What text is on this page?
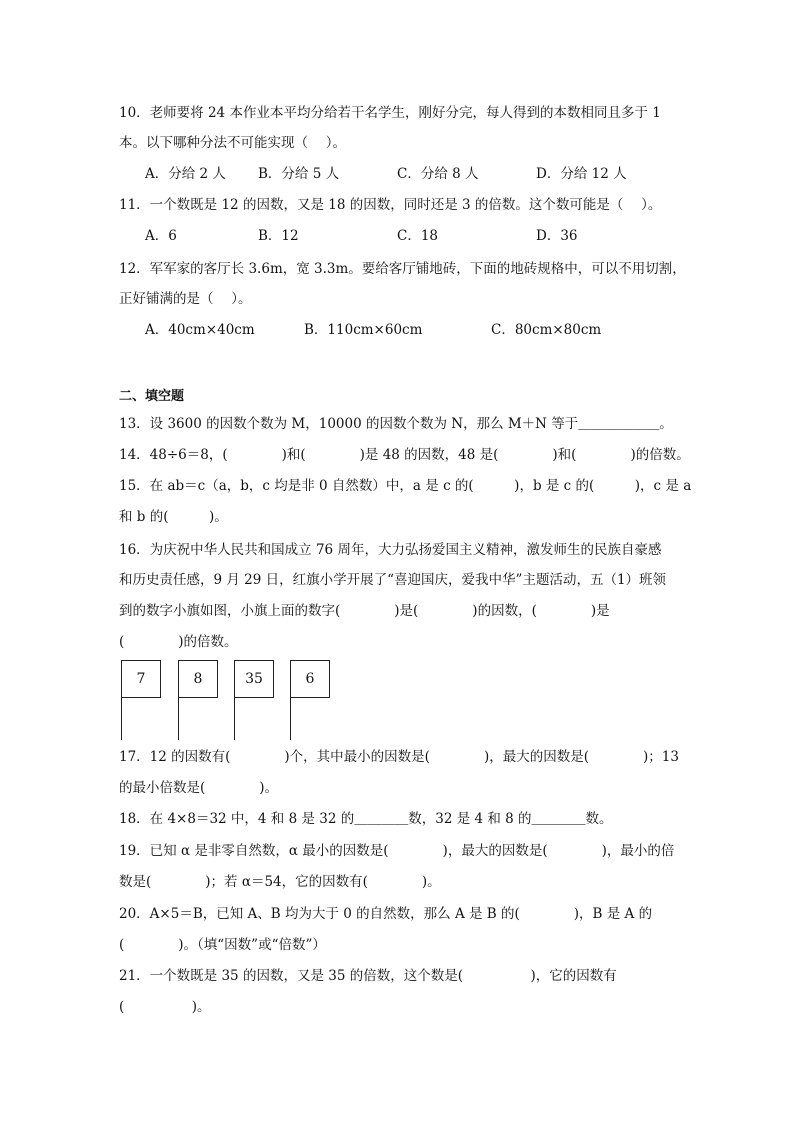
10．老师要将 24 本作业本平均分给若干名学生，刚好分完，每人得到的本数相同且多于 1
本。以下哪种分法不可能实现（　 ）。
A．分给 2 人 B．分给 5 人	C．分给 8 人	D．分给 12 人
11．一个数既是 12 的因数，又是 18 的因数，同时还是 3 的倍数。这个数可能是（　 ）。
A．6	B．12	C．18	D．36
12．军军家的客厅长 3.6m，宽 3.3m。要给客厅铺地砖，下面的地砖规格中，可以不用切割，
正好铺满的是（　 ）。
A．40cm×40cm	B．110cm×60cm	C．80cm×80cm
二、填空题
13．设 3600 的因数个数为 M，10000 的因数个数为 N，那么 M＋N 等于＿＿＿＿＿＿。
14．48÷6＝8，(　　　　)和(　　　　)是 48 的因数，48 是(　　　　)和(　　　　)的倍数。
15．在 ab＝c（a，b，c 均是非 0 自然数）中，a 是 c 的(　　　)，b 是 c 的(　　　)，c 是 a
和 b 的(　　　)。
16．为庆祝中华人民共和国成立 76 周年，大力弘扬爱国主义精神，激发师生的民族自豪感
和历史责任感，9 月 29 日，红旗小学开展了“喜迎国庆，爱我中华”主题活动，五（1）班领
到的数字小旗如图，小旗上面的数字(　　　　)是(　　　　)的因数，(　　　　)是
(　　　　)的倍数。
7	8	35	6
17．12 的因数有(　　　　)个，其中最小的因数是(　　　　)，最大的因数是(　　　　)；13
的最小倍数是(　　　　)。
18．在 4×8＝32 中，4 和 8 是 32 的＿＿＿＿数，32 是 4 和 8 的＿＿＿＿数。
19．已知 α 是非零自然数，α 最小的因数是(　　　　)，最大的因数是(　　　　)，最小的倍
数是(　　　　)；若 α＝54，它的因数有(　　　　)。
20．A×5＝B，已知 A、B 均为大于 0 的自然数，那么 A 是 B 的(　　　　)，B 是 A 的
(　　　　)。（填“因数”或“倍数”）
21．一个数既是 35 的因数，又是 35 的倍数，这个数是(　　　　　)，它的因数有
(　　　　　)。
